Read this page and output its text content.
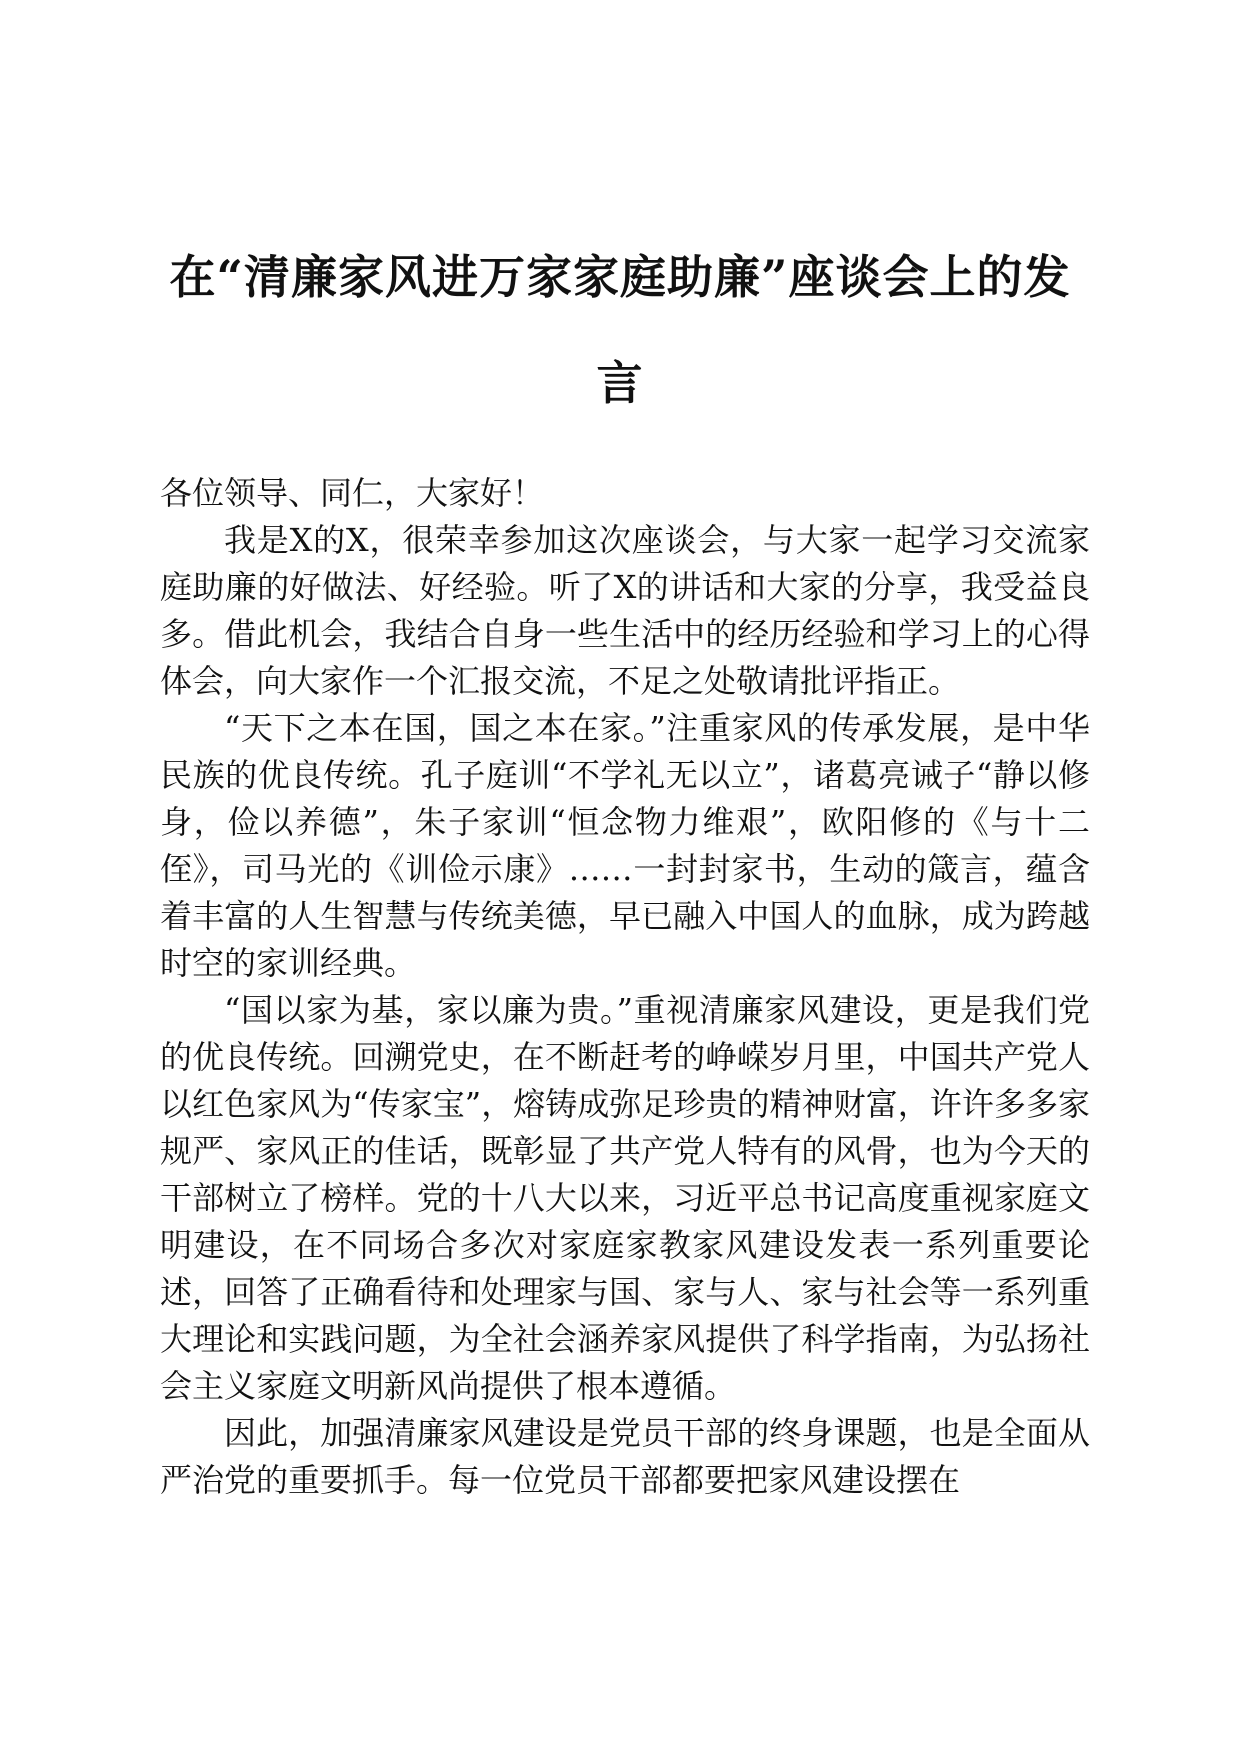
在“清廉家风进万家家庭助廉”座谈会上的发言

各位领导、同仁，大家好！

我是X的X，很荣幸参加这次座谈会，与大家一起学习交流家庭助廉的好做法、好经验。听了X的讲话和大家的分享，我受益良多。借此机会，我结合自身一些生活中的经历经验和学习上的心得体会，向大家作一个汇报交流，不足之处敬请批评指正。

“天下之本在国，国之本在家。”注重家风的传承发展，是中华民族的优良传统。孔子庭训“不学礼无以立”，诸葛亮诫子“静以修身，俭以养德”，朱子家训“恒念物力维艰”，欧阳修的《与十二侄》，司马光的《训俭示康》……一封封家书，生动的箴言，蕴含着丰富的人生智慧与传统美德，早已融入中国人的血脉，成为跨越时空的家训经典。

“国以家为基，家以廉为贵。”重视清廉家风建设，更是我们党的优良传统。回溯党史，在不断赶考的峥嵘岁月里，中国共产党人以红色家风为“传家宝”，熔铸成弥足珍贵的精神财富，许许多多家规严、家风正的佳话，既彰显了共产党人特有的风骨，也为今天的干部树立了榜样。党的十八大以来，习近平总书记高度重视家庭文明建设，在不同场合多次对家庭家教家风建设发表一系列重要论述，回答了正确看待和处理家与国、家与人、家与社会等一系列重大理论和实践问题，为全社会涵养家风提供了科学指南，为弘扬社会主义家庭文明新风尚提供了根本遵循。

因此，加强清廉家风建设是党员干部的终身课题，也是全面从严治党的重要抓手。每一位党员干部都要把家风建设摆在
